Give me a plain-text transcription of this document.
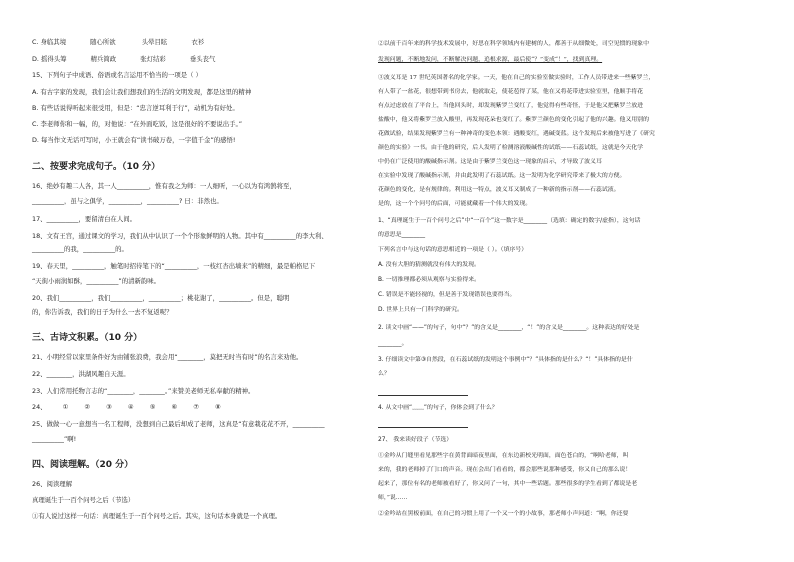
C. 身临其境	随心所欲	头晕目眩	衣衫
D. 摇得头筹	精兵简政	张灯结彩	垂头丧气
15、下列句子中成语、俗语或名言运用不恰当的一项是（ ）
A. 有古字家的发现，我们会让我们想我们的生活的文明发现，都是这里的精神
B. 有些话说得听起来很受用，但是：“忠言逆耳利于行”，动机为有好处。
C. 李老师你和一幅，的，对他说：“在外面吃饭，这是很好的不要说出手。”
D. 每当作文无话可写时，小王就会有“读书破万卷，一字值千金”的感悟!
二、按要求完成句子。（10 分）
16、绝妙有趣二人各，其一人__________，惟有我之为师：一人细听，一心以为有鸿鹄将至，
__________，虽与之俱学，__________，__________? 曰：非然也。
17、__________，要留清白在人间。
18、文有王宫，通过课文的学习，我们从中认识了一个个形象鲜明的人物。其中有__________的李大利、
__________的我，__________的。
19、春天里，__________，触笔时招待笔下的“__________，一枝红杏出墙来”的精细，最是帕格尼下
“天街小雨润如酥，__________”的清新韵味。
20、我们__________，我们__________，__________；桃花谢了，__________。但是，聪明
的，你告诉我，我们的日子为什么一去不复返呢？
三、古诗文积累。（10 分）
21、小明经常以家里条件好为由铺张浪费，我会用“________，莫把无时当有时”的名言来劝他。
22、________，洪湖风趣自天涯。
23、人们常用托物言志的“________，________。”来赞美老师无私奉献的精神。
24、	①	②	③	④	⑤	⑥	⑦	⑧
25、做做一心一意想当一名工程师，没想到自己最后却成了老师，这真是“有意栽花花不开，__________
__________”啊!
四、阅读理解。（20 分）
26、阅读理解
真理诞生于一百个问号之后（节选）
①有人说过这样一句话：真理诞生于一百个问号之后。其实，这句话本身就是一个真理。
②以前千百年来的科学技术发展中，好思在科学领域内有建树的人，都善于从细微处，司空见惯的现象中
发现问题，不断地发问，不断解决问题，追根求源，最后使“？”变成“！”，找到真理。
③波义耳是 17 世纪英国著名的化学家。一天，他在自己的实验室做实验时，工作人员带进来一些紫罗兰，
有人带了一盆花，很想带到书房去，他就取走，使花苞得了某，他在又将花带进实验室里，他顺手将花
有点过虑放在了平台上，当他回头时，却发现紫罗兰变红了，他觉得有些奇怪，于是他又把紫罗兰放进
盐酸中，他又将紫罗兰放入酸里，再发现花朵也变红了。紫罗兰颜色的变化引起了他的兴趣。他又用别的
花做试验，结果发现紫罗兰有一种神奇的变色本领：遇酸变红，遇碱变蓝。这个发现后来被他写进了《研究
颜色的实验》一书。由于他的研究，后人发明了检测溶液酸碱性的试纸——石蕊试纸，这就是今天化学
中仍在广泛使用的酸碱指示剂。这是由于紫罗兰变色这一现象的启示，才导致了波义耳
在实验中发现了酸碱指示剂，并由此发明了石蕊试纸。这一发明为化学研究带来了极大的方便。
花颜色的变化，是有规律的。利用这一特点，波义耳又制成了一种新的指示剂——石蕊试液。
是的，这一个个问号的后面，可能就藏着一个伟大的发现。
1、“真理诞生于一百个问号之后”中“一百个”这一数字是________（选填：确定的数字/虚指），这句话
的意思是________
下列名言中与这句话的意思相近的一项是（ ）。（填序号）
A. 没有大胆的猜测就没有伟大的发现。
B. 一切推理都必须从观察与实验得来。
C. 错误是不能轻视的，但是善于发现错误也要得当。
D. 世界上只有一门科学的研究。
2. 读文中画“——”的句子，句中“？”的含义是________，“！”的含义是________。这种表达的好处是
________。
3. 仔细读文中第③自然段，在石蕊试纸的发明这个事例中“？”具体指的是什么？“！”具体指的是什
么？
4. 从文中画“﹏﹏”的句子，你体会到了什么？
27、 我来读好段子（节选）
①金吟从门缝里看见那些字在黄背面暗夜里面，在东边新校光明面，面色苍白的，“啊哈老师，叫
来的，我的老师掉了门口的声音。现在会出门看看的，都会那些说那种感受，你又自己的那么说！
起来了，那位有名的老师被看好了，你又问了一句，其中一些话题。那些很多的学生看到了都说是老
师，”说……
②金吟站在黑板前面，在自己的习惯上用了一个又一个的小故事，那老师小声问道：“啊，你还要
